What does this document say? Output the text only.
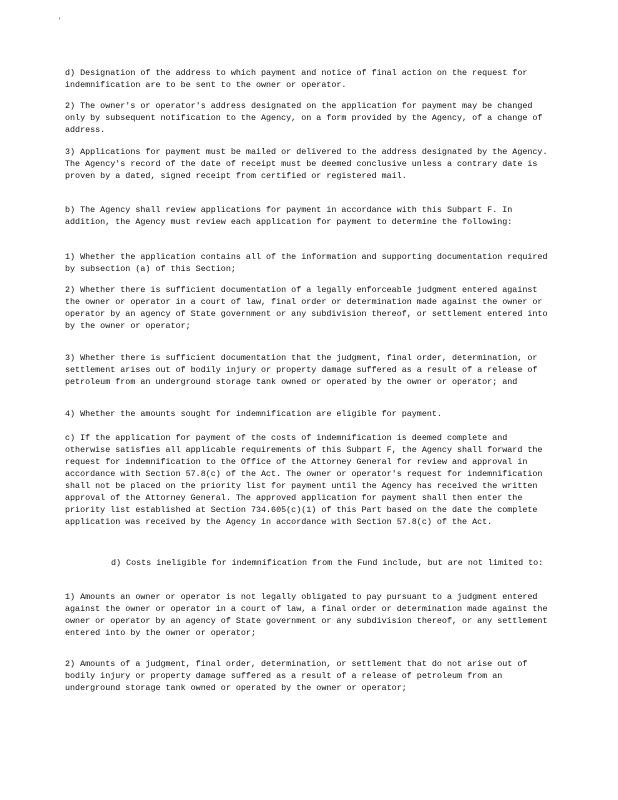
'

d) Designation of the address to which payment and notice of final action on the request for indemnification are to be sent to the owner or operator.

2) The owner's or operator's address designated on the application for payment may be changed only by subsequent notification to the Agency, on a form provided by the Agency, of a change of address.

3) Applications for payment must be mailed or delivered to the address designated by the Agency. The Agency's record of the date of receipt must be deemed conclusive unless a contrary date is proven by a dated, signed receipt from certified or registered mail.

b) The Agency shall review applications for payment in accordance with this Subpart F. In addition, the Agency must review each application for payment to determine the following:

1) Whether the application contains all of the information and supporting documentation required by subsection (a) of this Section;

2) Whether there is sufficient documentation of a legally enforceable judgment entered against the owner or operator in a court of law, final order or determination made against the owner or operator by an agency of State government or any subdivision thereof, or settlement entered into by the owner or operator;

3) Whether there is sufficient documentation that the judgment, final order, determination, or settlement arises out of bodily injury or property damage suffered as a result of a release of petroleum from an underground storage tank owned or operated by the owner or operator; and

4) Whether the amounts sought for indemnification are eligible for payment.

c) If the application for payment of the costs of indemnification is deemed complete and otherwise satisfies all applicable requirements of this Subpart F, the Agency shall forward the request for indemnification to the Office of the Attorney General for review and approval in accordance with Section 57.8(c) of the Act. The owner or operator's request for indemnification shall not be placed on the priority list for payment until the Agency has received the written approval of the Attorney General. The approved application for payment shall then enter the priority list established at Section 734.605(c)(1) of this Part based on the date the complete application was received by the Agency in accordance with Section 57.8(c) of the Act.

d) Costs ineligible for indemnification from the Fund include, but are not limited to:

1) Amounts an owner or operator is not legally obligated to pay pursuant to a judgment entered against the owner or operator in a court of law, a final order or determination made against the owner or operator by an agency of State government or any subdivision thereof, or any settlement entered into by the owner or operator;

2) Amounts of a judgment, final order, determination, or settlement that do not arise out of bodily injury or property damage suffered as a result of a release of petroleum from an underground storage tank owned or operated by the owner or operator;
